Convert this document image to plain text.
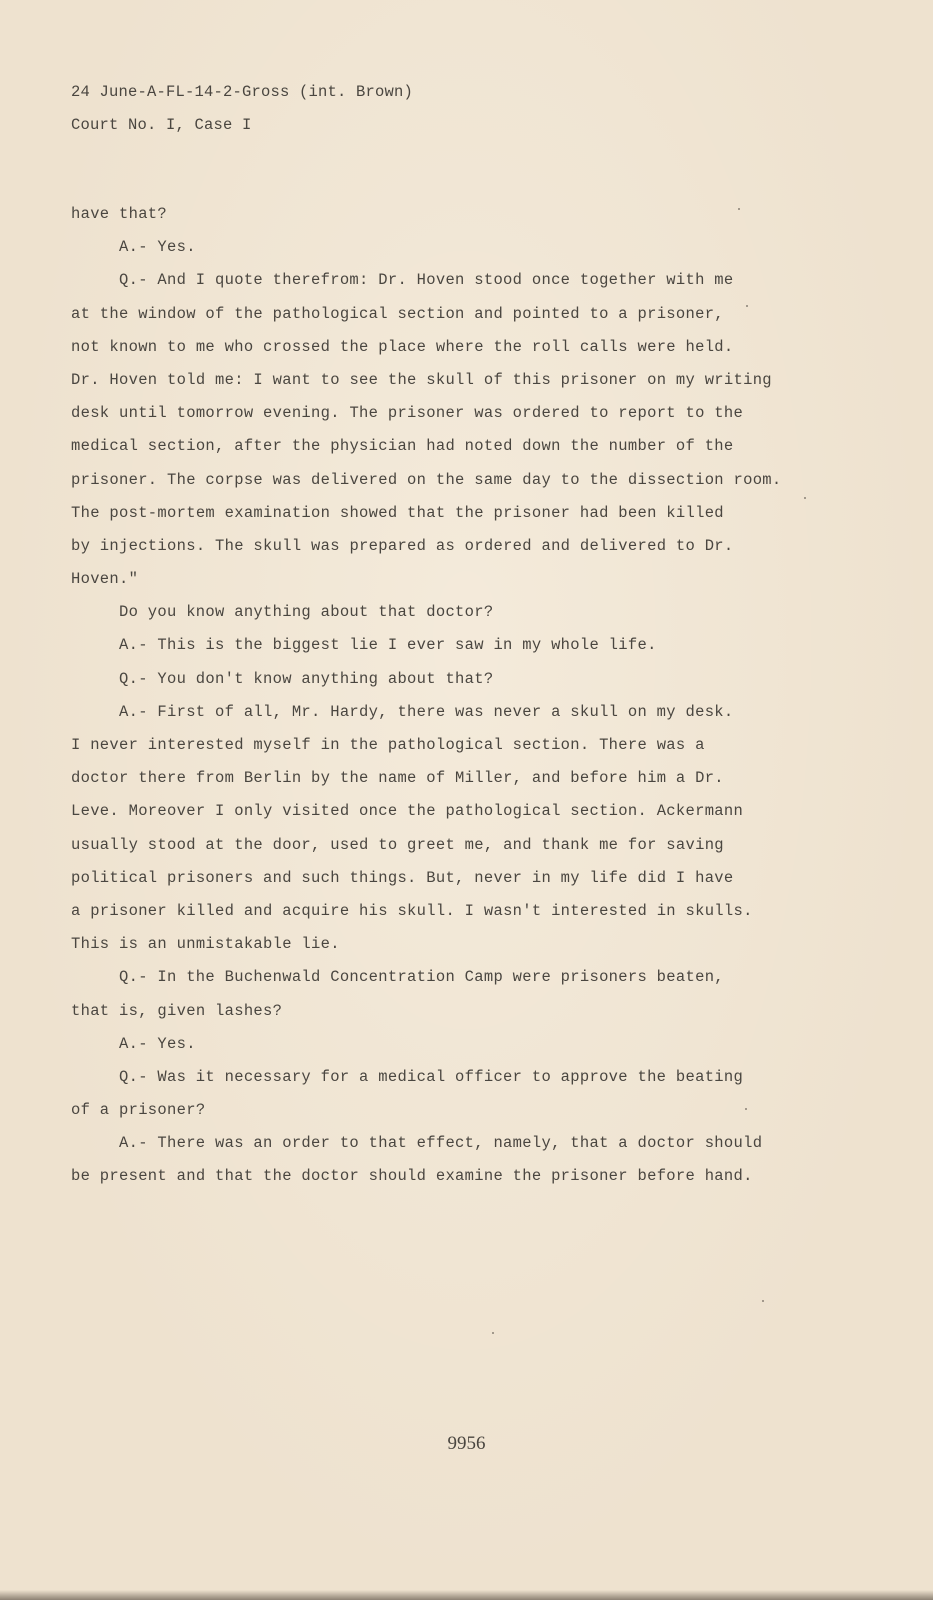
24 June-A-FL-14-2-Gross (int. Brown)
Court No. I, Case I
have that?
A.- Yes.
Q.- And I quote therefrom: Dr. Hoven stood once together with me
at the window of the pathological section and pointed to a prisoner,
not known to me who crossed the place where the roll calls were held.
Dr. Hoven told me: I want to see the skull of this prisoner on my writing
desk until tomorrow evening. The prisoner was ordered to report to the
medical section, after the physician had noted down the number of the
prisoner. The corpse was delivered on the same day to the dissection room.
The post-mortem examination showed that the prisoner had been killed
by injections. The skull was prepared as ordered and delivered to Dr.
Hoven."
Do you know anything about that doctor?
A.- This is the biggest lie I ever saw in my whole life.
Q.- You don't know anything about that?
A.- First of all, Mr. Hardy, there was never a skull on my desk.
I never interested myself in the pathological section. There was a
doctor there from Berlin by the name of Miller, and before him a Dr.
Leve. Moreover I only visited once the pathological section. Ackermann
usually stood at the door, used to greet me, and thank me for saving
political prisoners and such things. But, never in my life did I have
a prisoner killed and acquire his skull. I wasn't interested in skulls.
This is an unmistakable lie.
Q.- In the Buchenwald Concentration Camp were prisoners beaten,
that is, given lashes?
A.- Yes.
Q.- Was it necessary for a medical officer to approve the beating
of a prisoner?
A.- There was an order to that effect, namely, that a doctor should
be present and that the doctor should examine the prisoner before hand.
9956
